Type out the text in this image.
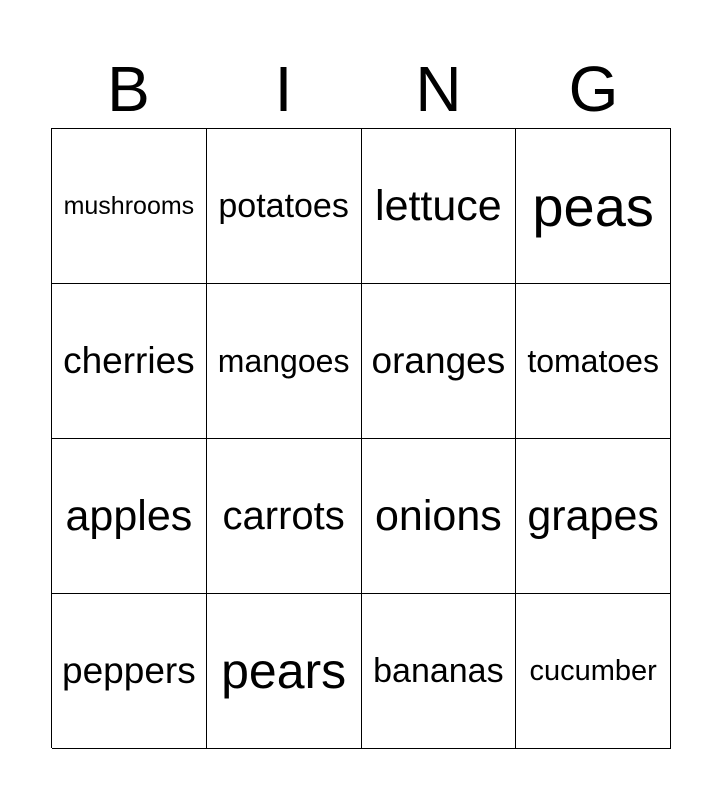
B	I	N	G
mushrooms potatoes lettuce peas
cherries mangoes oranges tomatoes
apples carrots onions grapes
peppers pears bananas cucumber
